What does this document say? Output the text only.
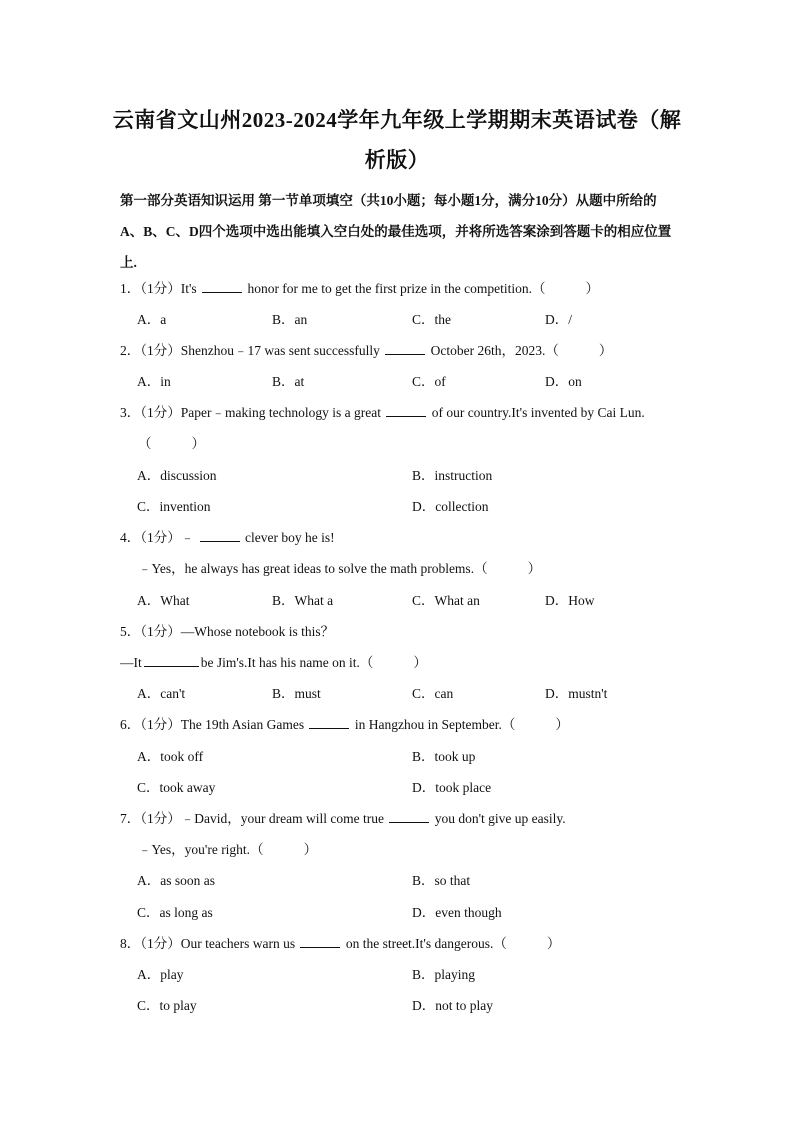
云南省文山州2023-2024学年九年级上学期期末英语试卷（解析版）
第一部分英语知识运用 第一节单项填空（共10小题；每小题1分，满分10分）从题中所给的A、B、C、D四个选项中选出能填入空白处的最佳选项，并将所选答案涂到答题卡的相应位置上.
1．（1分）It's	honor for me to get the first prize in the competition.（	）
A．a	B．an	C．the	D．/
2．（1分）Shenzhou﹣17 was sent successfully	October 26th，2023.（	）
A．in	B．at	C．of	D．on
3．（1分）Paper﹣making technology is a great	of our country.It's invented by Cai Lun.
（	）
A．discussion	B．instruction
C．invention	D．collection
4．（1分）﹣	clever boy he is!
﹣Yes，he always has great ideas to solve the math problems.（	）
A．What	B．What a	C．What an	D．How
5．（1分）—Whose notebook is this？
—It	be Jim's.It has his name on it.（	）
A．can't	B．must	C．can	D．mustn't
6．（1分）The 19th Asian Games	in Hangzhou in September.（	）
A．took off	B．took up
C．took away	D．took place
7．（1分）﹣David，your dream will come true	you don't give up easily.
﹣Yes，you're right.（	）
A．as soon as	B．so that
C．as long as	D．even though
8．（1分）Our teachers warn us	on the street.It's dangerous.（	）
A．play	B．playing
C．to play	D．not to play
